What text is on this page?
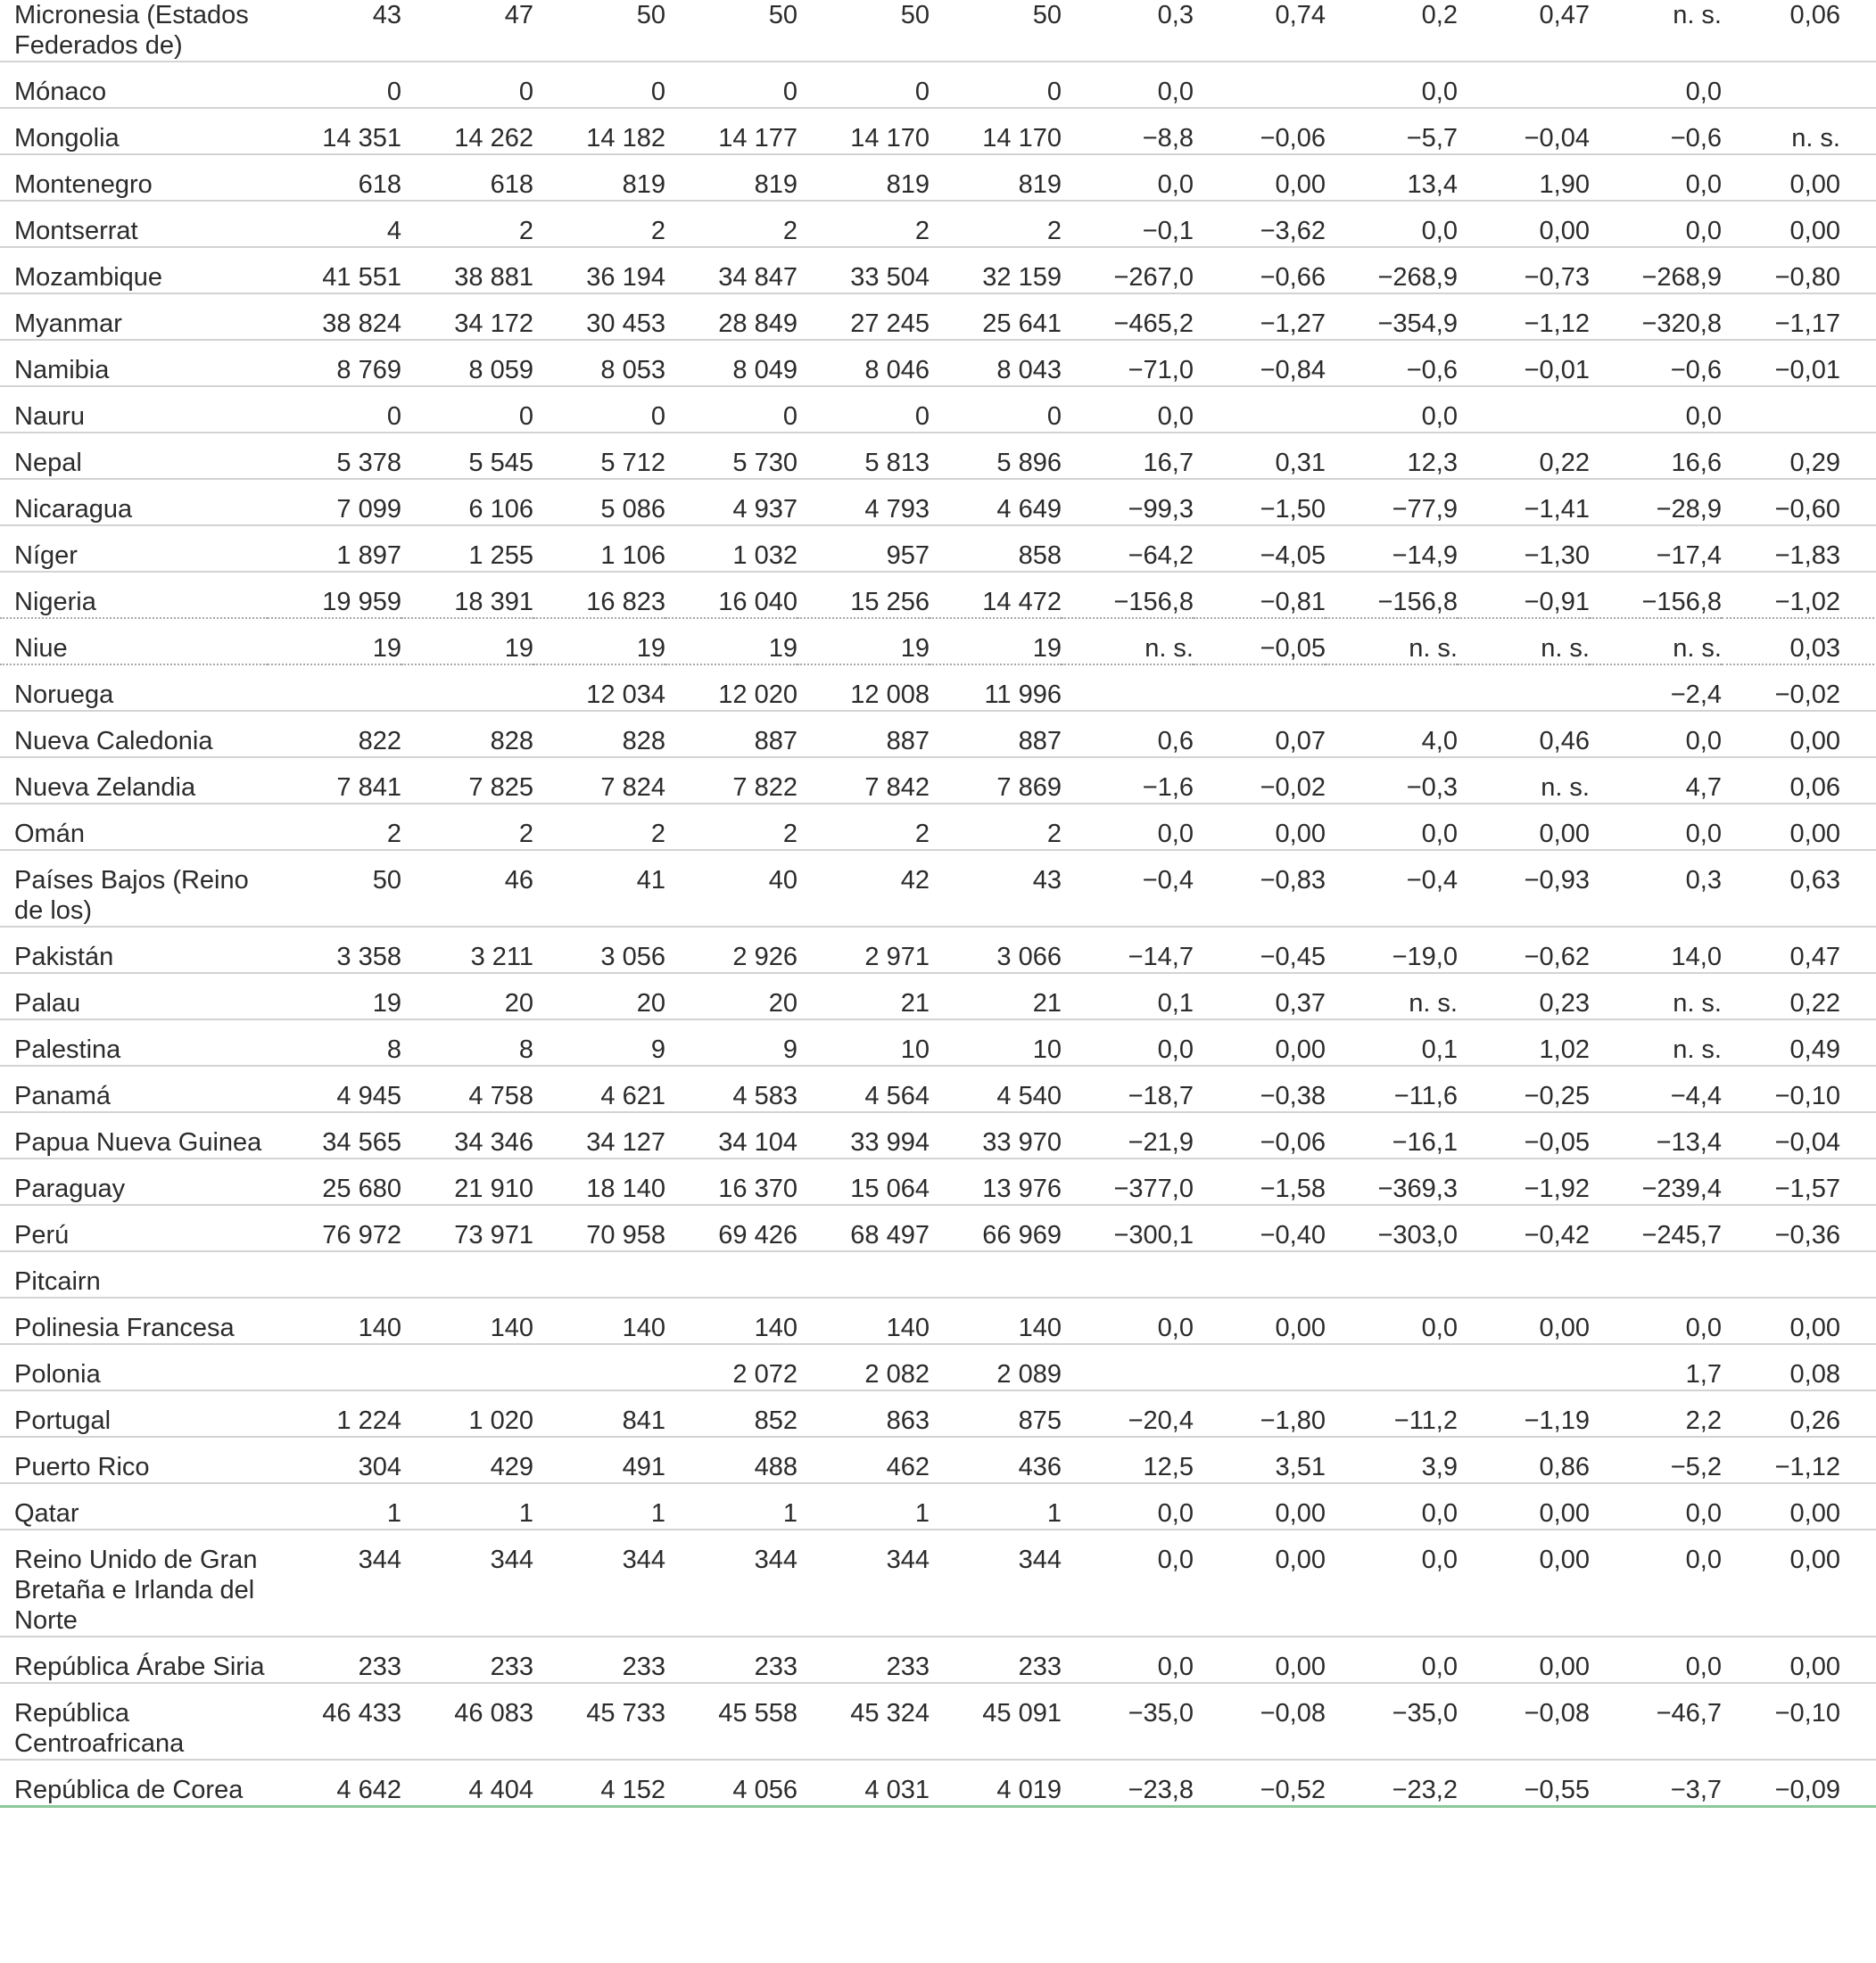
Micronesia (Estados Federados de)	43	47	50	50	50	50	0,3	0,74	0,2	0,47	n. s.	0,06
Mónaco	0	0	0	0	0	0	0,0		0,0		0,0	
Mongolia	14 351	14 262	14 182	14 177	14 170	14 170	−8,8	−0,06	−5,7	−0,04	−0,6	n. s.
Montenegro	618	618	819	819	819	819	0,0	0,00	13,4	1,90	0,0	0,00
Montserrat	4	2	2	2	2	2	−0,1	−3,62	0,0	0,00	0,0	0,00
Mozambique	41 551	38 881	36 194	34 847	33 504	32 159	−267,0	−0,66	−268,9	−0,73	−268,9	−0,80
Myanmar	38 824	34 172	30 453	28 849	27 245	25 641	−465,2	−1,27	−354,9	−1,12	−320,8	−1,17
Namibia	8 769	8 059	8 053	8 049	8 046	8 043	−71,0	−0,84	−0,6	−0,01	−0,6	−0,01
Nauru	0	0	0	0	0	0	0,0		0,0		0,0	
Nepal	5 378	5 545	5 712	5 730	5 813	5 896	16,7	0,31	12,3	0,22	16,6	0,29
Nicaragua	7 099	6 106	5 086	4 937	4 793	4 649	−99,3	−1,50	−77,9	−1,41	−28,9	−0,60
Níger	1 897	1 255	1 106	1 032	957	858	−64,2	−4,05	−14,9	−1,30	−17,4	−1,83
Nigeria	19 959	18 391	16 823	16 040	15 256	14 472	−156,8	−0,81	−156,8	−0,91	−156,8	−1,02
Niue	19	19	19	19	19	19	n. s.	−0,05	n. s.	n. s.	n. s.	0,03
Noruega			12 034	12 020	12 008	11 996					−2,4	−0,02
Nueva Caledonia	822	828	828	887	887	887	0,6	0,07	4,0	0,46	0,0	0,00
Nueva Zelandia	7 841	7 825	7 824	7 822	7 842	7 869	−1,6	−0,02	−0,3	n. s.	4,7	0,06
Omán	2	2	2	2	2	2	0,0	0,00	0,0	0,00	0,0	0,00
Países Bajos (Reino de los)	50	46	41	40	42	43	−0,4	−0,83	−0,4	−0,93	0,3	0,63
Pakistán	3 358	3 211	3 056	2 926	2 971	3 066	−14,7	−0,45	−19,0	−0,62	14,0	0,47
Palau	19	20	20	20	21	21	0,1	0,37	n. s.	0,23	n. s.	0,22
Palestina	8	8	9	9	10	10	0,0	0,00	0,1	1,02	n. s.	0,49
Panamá	4 945	4 758	4 621	4 583	4 564	4 540	−18,7	−0,38	−11,6	−0,25	−4,4	−0,10
Papua Nueva Guinea	34 565	34 346	34 127	34 104	33 994	33 970	−21,9	−0,06	−16,1	−0,05	−13,4	−0,04
Paraguay	25 680	21 910	18 140	16 370	15 064	13 976	−377,0	−1,58	−369,3	−1,92	−239,4	−1,57
Perú	76 972	73 971	70 958	69 426	68 497	66 969	−300,1	−0,40	−303,0	−0,42	−245,7	−0,36
Pitcairn												
Polinesia Francesa	140	140	140	140	140	140	0,0	0,00	0,0	0,00	0,0	0,00
Polonia				2 072	2 082	2 089					1,7	0,08
Portugal	1 224	1 020	841	852	863	875	−20,4	−1,80	−11,2	−1,19	2,2	0,26
Puerto Rico	304	429	491	488	462	436	12,5	3,51	3,9	0,86	−5,2	−1,12
Qatar	1	1	1	1	1	1	0,0	0,00	0,0	0,00	0,0	0,00
Reino Unido de Gran Bretaña e Irlanda del Norte	344	344	344	344	344	344	0,0	0,00	0,0	0,00	0,0	0,00
República Árabe Siria	233	233	233	233	233	233	0,0	0,00	0,0	0,00	0,0	0,00
República Centroafricana	46 433	46 083	45 733	45 558	45 324	45 091	−35,0	−0,08	−35,0	−0,08	−46,7	−0,10
República de Corea	4 642	4 404	4 152	4 056	4 031	4 019	−23,8	−0,52	−23,2	−0,55	−3,7	−0,09
